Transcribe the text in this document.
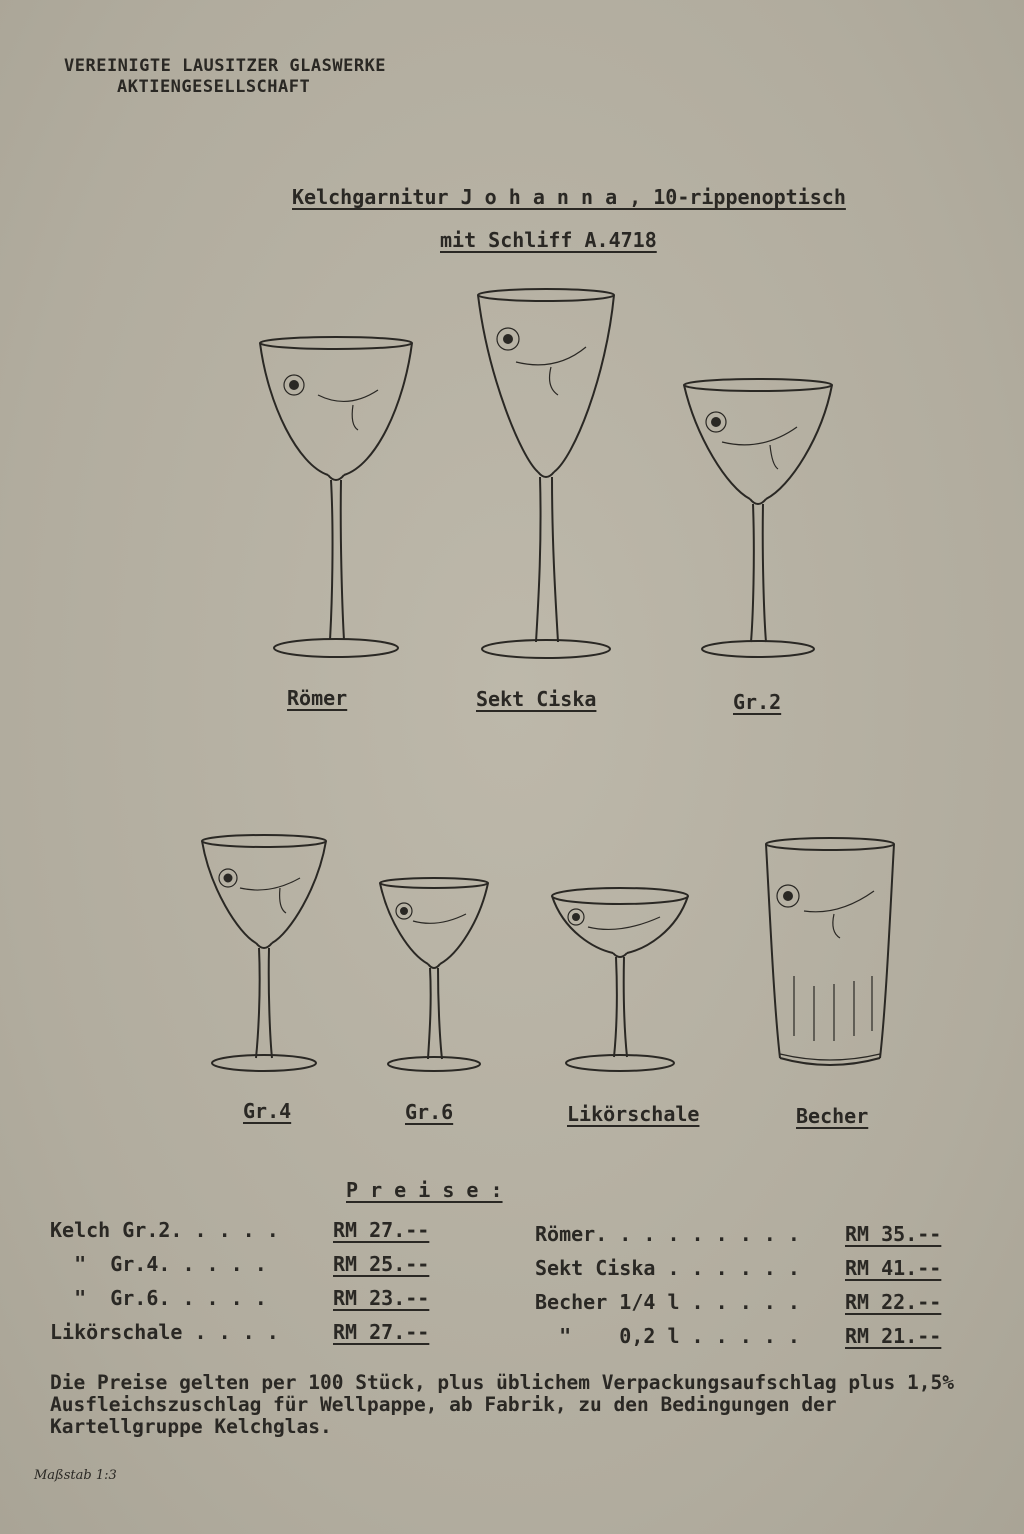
VEREINIGTE LAUSITZER GLASWERKE
AKTIENGESELLSCHAFT
Kelchgarnitur J o h a n n a , 10-rippenoptisch
mit Schliff A.4718
Römer	Sekt Ciska	Gr.2
Gr.4	Gr.6	Likörschale	Becher
P r e i s e :
Kelch Gr.2. . . . .	RM 27.--
"  Gr.4. . . . .	RM 25.--
"  Gr.6. . . . .	RM 23.--
Likörschale . . . .	RM 27.--
Römer. . . . . . . . . RM 35.--
Sekt Ciska . . . . . . RM 41.--
Becher 1/4 l . . . . . RM 22.--
"    0,2 l . . . . . RM 21.--
Die Preise gelten per 100 Stück, plus üblichem Verpackungsaufschlag plus 1,5% Ausfleichszuschlag für Wellpappe, ab Fabrik, zu den Bedingungen der Kartellgruppe Kelchglas.
Maßstab 1:3
